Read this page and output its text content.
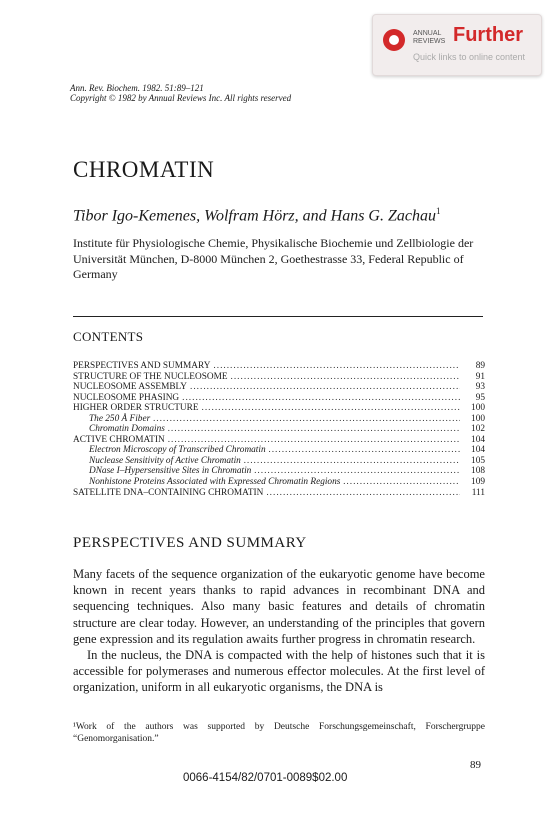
ANNUAL
REVIEWS Further
Quick links to online content
Ann. Rev. Biochem. 1982. 51:89–121
Copyright © 1982 by Annual Reviews Inc. All rights reserved
CHROMATIN
Tibor Igo-Kemenes, Wolfram Hörz, and Hans G. Zachau$^1$
Institute für Physiologische Chemie, Physikalische Biochemie und Zellbiologie der Universität München, D-8000 München 2, Goethestrasse 33, Federal Republic of Germany
CONTENTS
PERSPECTIVES AND SUMMARY .....	89
STRUCTURE OF THE NUCLEOSOME .....	91
NUCLEOSOME ASSEMBLY .....	93
NUCLEOSOME PHASING .....	95
HIGHER ORDER STRUCTURE .....	100
The 250 Å Fiber .....	100
Chromatin Domains .....	102
ACTIVE CHROMATIN .....	104
Electron Microscopy of Transcribed Chromatin .....	104
Nuclease Sensitivity of Active Chromatin .....	105
DNase I–Hypersensitive Sites in Chromatin .....	108
Nonhistone Proteins Associated with Expressed Chromatin Regions .....	109
SATELLITE DNA–CONTAINING CHROMATIN .....	111
PERSPECTIVES AND SUMMARY

Many facets of the sequence organization of the eukaryotic genome have become known in recent years thanks to rapid advances in recombinant DNA and sequencing techniques. Also many basic features and details of chromatin structure are clear today. However, an understanding of the principles that govern gene expression and its regulation awaits further progress in chromatin research.

In the nucleus, the DNA is compacted with the help of histones such that it is accessible for polymerases and numerous effector molecules. At the first level of organization, uniform in all eukaryotic organisms, the DNA is

¹Work of the authors was supported by Deutsche Forschungsgemeinschaft, Forschergruppe “Genomorganisation.”
89
0066-4154/82/0701-0089$02.00
